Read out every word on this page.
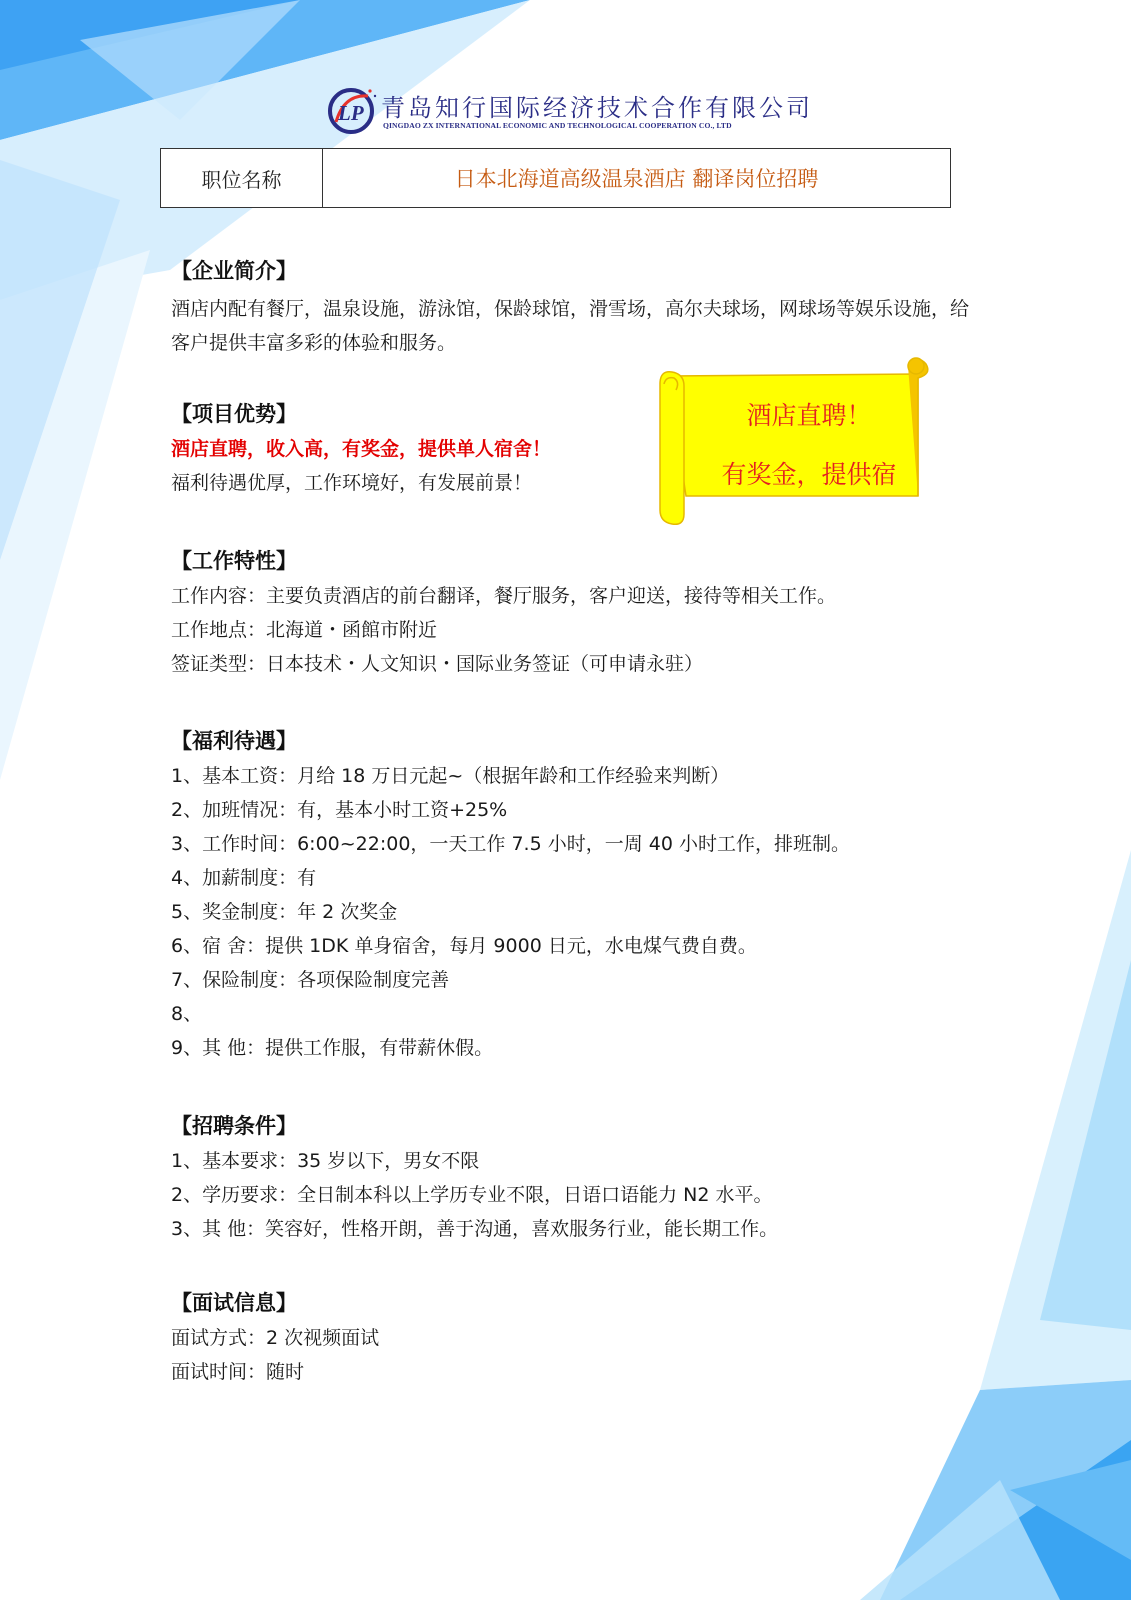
LP 青岛知行国际经济技术合作有限公司
QINGDAO ZX INTERNATIONAL ECONOMIC AND TECHNOLOGICAL COOPERATION CO., LTD
职位名称	日本北海道高级温泉酒店 翻译岗位招聘
【企业简介】
酒店内配有餐厅，温泉设施，游泳馆，保龄球馆，滑雪场，高尔夫球场，网球场等娱乐设施，给客户提供丰富多彩的体验和服务。
【项目优势】
酒店直聘，收入高，有奖金，提供单人宿舍！
福利待遇优厚，工作环境好，有发展前景！
【工作特性】
工作内容：主要负责酒店的前台翻译，餐厅服务，客户迎送，接待等相关工作。
工作地点：北海道・函館市附近
签证类型：日本技术・人文知识・国际业务签证（可申请永驻）
【福利待遇】
1、基本工资：月给 18 万日元起~（根据年龄和工作经验来判断）
2、加班情况：有，基本小时工资+25%
3、工作时间：6:00~22:00，一天工作 7.5 小时，一周 40 小时工作，排班制。
4、加薪制度：有
5、奖金制度：年 2 次奖金
6、宿 舍：提供 1DK 单身宿舍，每月 9000 日元，水电煤气费自费。
7、保险制度：各项保险制度完善
8、
9、其 他：提供工作服，有带薪休假。
【招聘条件】
1、基本要求：35 岁以下，男女不限
2、学历要求：全日制本科以上学历专业不限，日语口语能力 N2 水平。
3、其 他：笑容好，性格开朗，善于沟通，喜欢服务行业，能长期工作。
【面试信息】
面试方式：2 次视频面试
面试时间：随时
酒店直聘！
有奖金，提供宿
